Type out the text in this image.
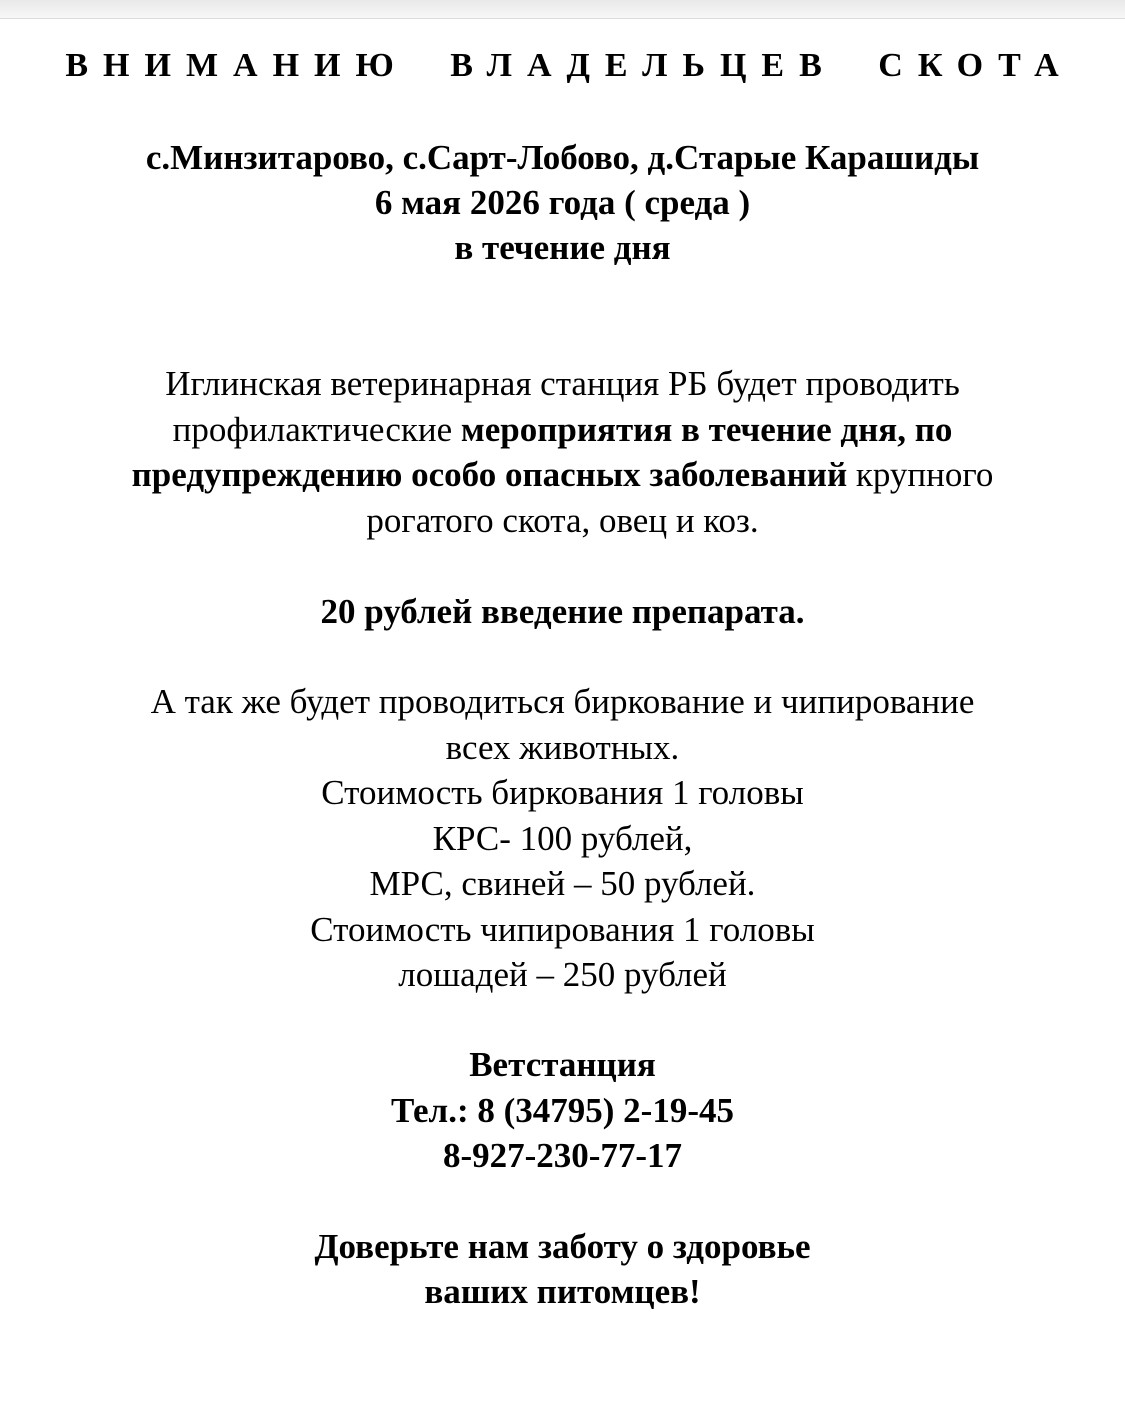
ВНИМАНИЮ ВЛАДЕЛЬЦЕВ СКОТА
с.Минзитарово, с.Сарт-Лобово, д.Старые Карашиды
6 мая 2026 года ( среда )
в течение дня
Иглинская ветеринарная станция РБ будет проводить
профилактические мероприятия в течение дня, по
предупреждению особо опасных заболеваний крупного
рогатого скота, овец и коз.
20 рублей введение препарата.
А так же будет проводиться биркование и чипирование
всех животных.
Стоимость биркования 1 головы
КРС- 100 рублей,
МРС, свиней – 50 рублей.
Стоимость чипирования 1 головы
лошадей – 250 рублей
Ветстанция
Тел.: 8 (34795) 2-19-45
8-927-230-77-17
Доверьте нам заботу о здоровье
ваших питомцев!
